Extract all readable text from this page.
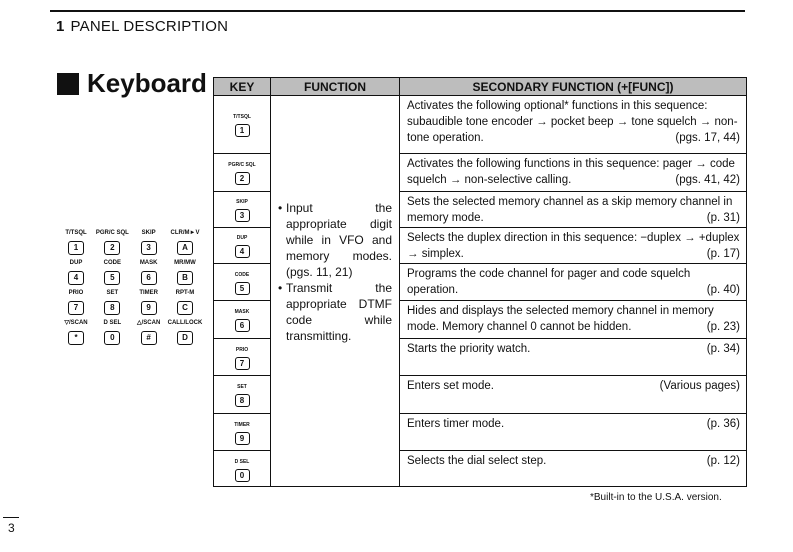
1 PANEL DESCRIPTION
Keyboard
T/TSQL
1
PGR/C SQL
2
SKIP
3
CLR/M►V
A
DUP
4
CODE
5
MASK
6
MR/MW
B
PRIO
7
SET
8
TIMER
9
RPT-M
C
▽/SCAN
*
D SEL
0
△/SCAN
#
CALL/LOCK
D
KEY	FUNCTION	SECONDARY FUNCTION (+[FUNC])
• Input the appropriate digit while in VFO and memory modes. (pgs. 11, 21)
• Transmit the appropriate DTMF code while transmitting.
T/TSQL
1
Activates the following optional* functions in this sequence: subaudible tone encoder → pocket beep → tone squelch → non-tone operation.	(pgs. 17, 44)
PGR/C SQL
2
Activates the following functions in this sequence: pager → code squelch → non-selective calling.	(pgs. 41, 42)
SKIP
3
Sets the selected memory channel as a skip memory channel in memory mode.	(p. 31)
DUP
4
Selects the duplex direction in this sequence: −duplex → +duplex → simplex.	(p. 17)
CODE
5
Programs the code channel for pager and code squelch operation.	(p. 40)
MASK
6
Hides and displays the selected memory channel in memory mode. Memory channel 0 cannot be hidden.	(p. 23)
PRIO
7
Starts the priority watch.	(p. 34)
SET
8
Enters set mode.	(Various pages)
TIMER
9
Enters timer mode.	(p. 36)
D SEL
0
Selects the dial select step.	(p. 12)
*Built-in to the U.S.A. version.
3
